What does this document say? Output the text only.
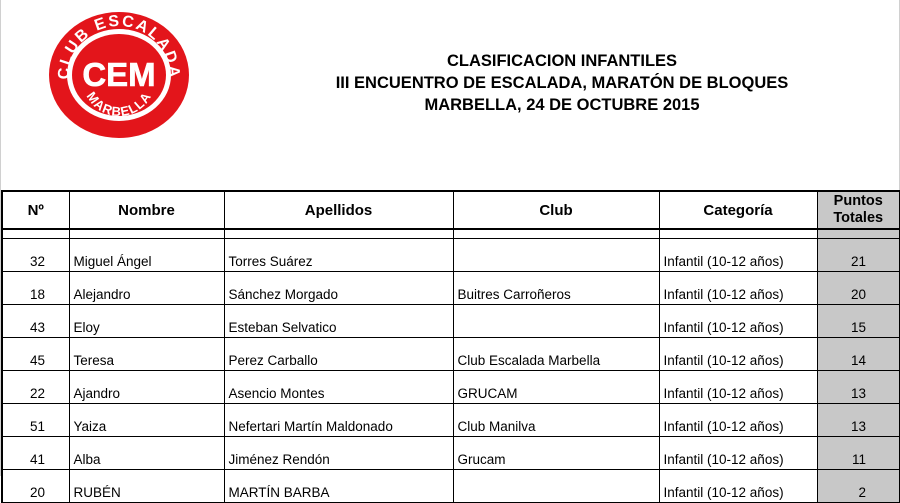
CLUB ESCALADA
CEM
MARBELLA
CLASIFICACION INFANTILES
III ENCUENTRO DE ESCALADA, MARATÓN DE BLOQUES
MARBELLA, 24 DE OCTUBRE 2015
Nº	Nombre	Apellidos	Club	Categoría	Puntos
Totales

32	Miguel Ángel	Torres Suárez		Infantil (10-12 años)	21
18	Alejandro	Sánchez Morgado	Buitres Carroñeros	Infantil (10-12 años)	20
43	Eloy	Esteban Selvatico		Infantil (10-12 años)	15
45	Teresa	Perez Carballo	Club Escalada Marbella	Infantil (10-12 años)	14
22	Ajandro	Asencio Montes	GRUCAM	Infantil (10-12 años)	13
51	Yaiza	Nefertari Martín Maldonado	Club Manilva	Infantil (10-12 años)	13
41	Alba	Jiménez Rendón	Grucam	Infantil (10-12 años)	11
20	RUBÉN	MARTÍN BARBA		Infantil (10-12 años)	2
